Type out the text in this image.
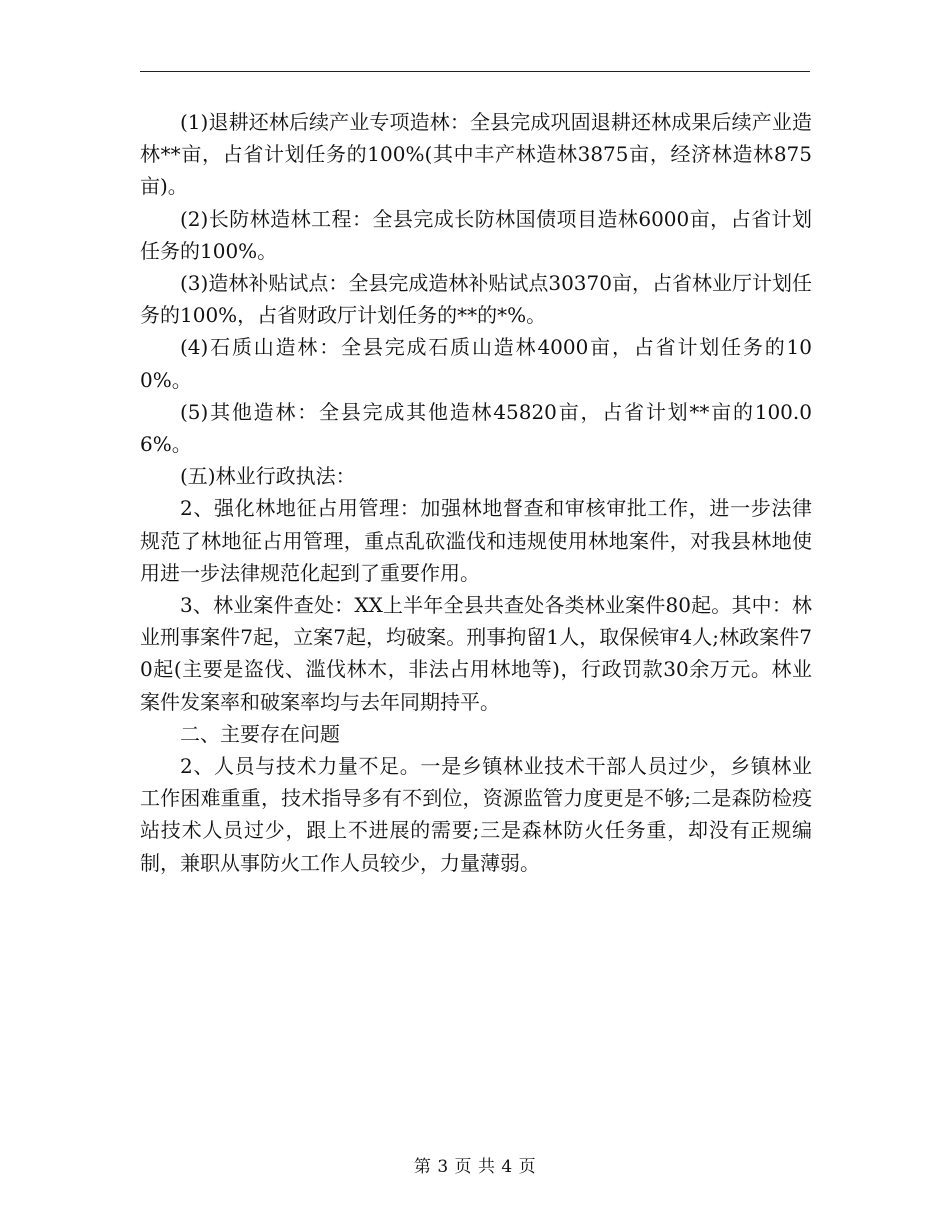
(1)退耕还林后续产业专项造林：全县完成巩固退耕还林成果后续产业造林**亩，占省计划任务的100%(其中丰产林造林3875亩，经济林造林875亩)。

(2)长防林造林工程：全县完成长防林国债项目造林6000亩，占省计划任务的100%。

(3)造林补贴试点：全县完成造林补贴试点30370亩，占省林业厅计划任务的100%，占省财政厅计划任务的**的*%。

(4)石质山造林：全县完成石质山造林4000亩，占省计划任务的100%。

(5)其他造林：全县完成其他造林45820亩，占省计划**亩的100.06%。

(五)林业行政执法：

2、强化林地征占用管理：加强林地督查和审核审批工作，进一步法律规范了林地征占用管理，重点乱砍滥伐和违规使用林地案件，对我县林地使用进一步法律规范化起到了重要作用。

3、林业案件查处：XX上半年全县共查处各类林业案件80起。其中：林业刑事案件7起，立案7起，均破案。刑事拘留1人，取保候审4人;林政案件70起(主要是盗伐、滥伐林木，非法占用林地等)，行政罚款30余万元。林业案件发案率和破案率均与去年同期持平。

二、主要存在问题

2、人员与技术力量不足。一是乡镇林业技术干部人员过少，乡镇林业工作困难重重，技术指导多有不到位，资源监管力度更是不够;二是森防检疫站技术人员过少，跟上不进展的需要;三是森林防火任务重，却没有正规编制，兼职从事防火工作人员较少，力量薄弱。

第 3 页 共 4 页
